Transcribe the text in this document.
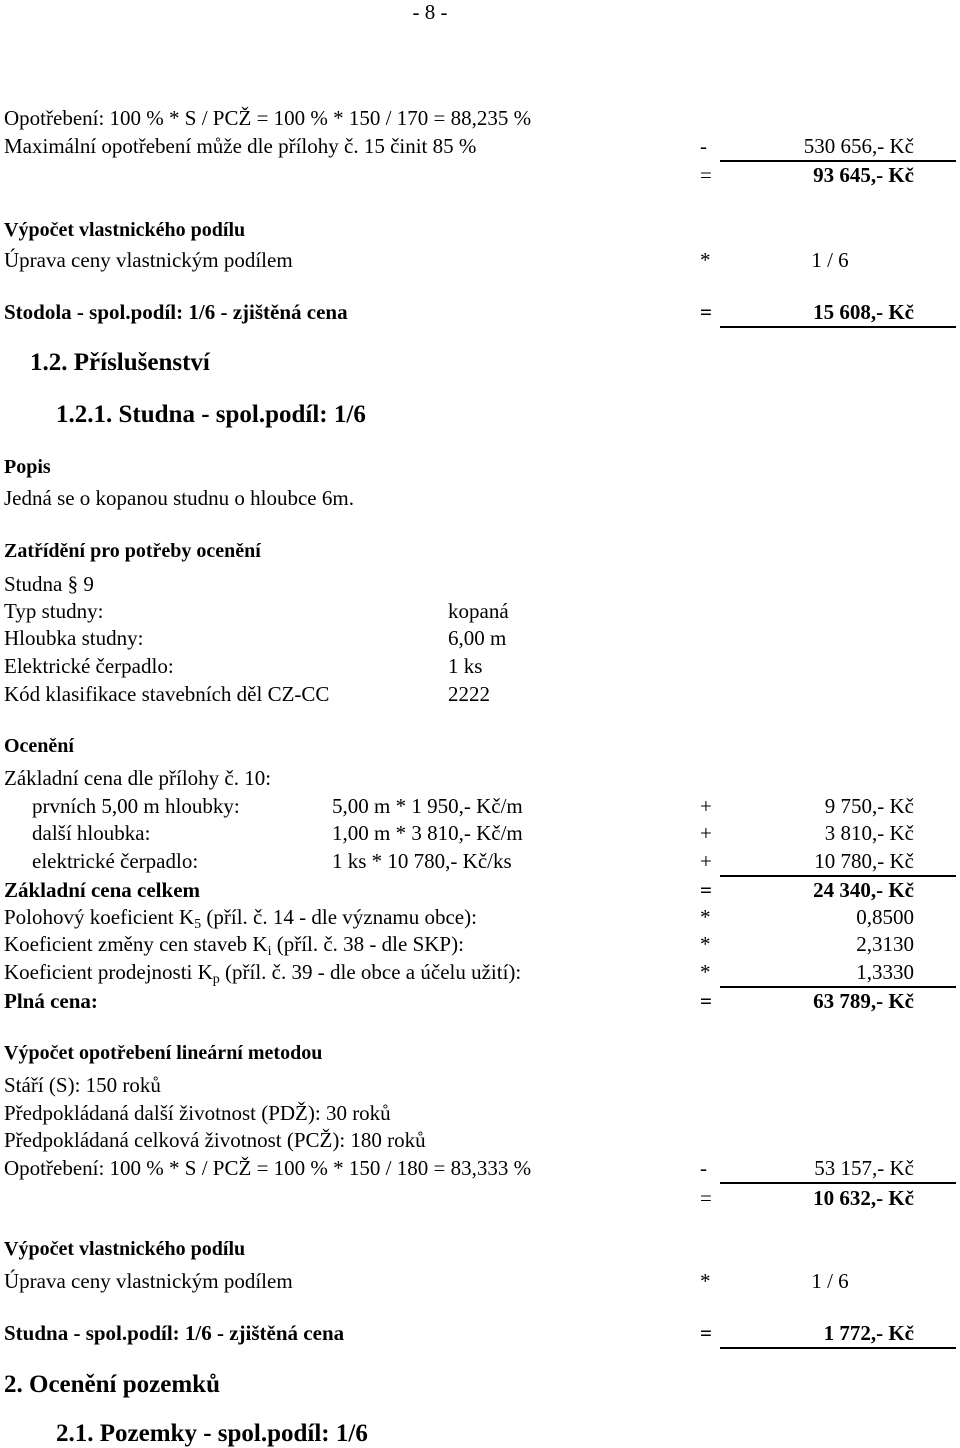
- 8 -
Opotřebení: 100 % * S / PCŽ = 100 % * 150 / 170 = 88,235 %
Maximální opotřebení může dle přílohy č. 15 činit 85 %	-	530 656,- Kč
=	93 645,- Kč
Výpočet vlastnického podílu
Úprava ceny vlastnickým podílem	*	1 / 6
Stodola - spol.podíl: 1/6 - zjištěná cena	=	15 608,- Kč
1.2. Příslušenství
1.2.1. Studna - spol.podíl: 1/6
Popis
Jedná se o kopanou studnu o hloubce 6m.
Zatřídění pro potřeby ocenění
Studna § 9
Typ studny:	kopaná
Hloubka studny:	6,00 m
Elektrické čerpadlo:	1 ks
Kód klasifikace stavebních děl CZ-CC	2222
Ocenění
Základní cena dle přílohy č. 10:
prvních 5,00 m hloubky:	5,00 m * 1 950,- Kč/m	+	9 750,- Kč
další hloubka:	1,00 m * 3 810,- Kč/m	+	3 810,- Kč
elektrické čerpadlo:	1 ks * 10 780,- Kč/ks	+	10 780,- Kč
Základní cena celkem	=	24 340,- Kč
Polohový koeficient $K_5$ (příl. č. 14 - dle významu obce):	*	0,8500
Koeficient změny cen staveb $K_i$ (příl. č. 38 - dle SKP):	*	2,3130
Koeficient prodejnosti $K_p$ (příl. č. 39 - dle obce a účelu užití):	*	1,3330
Plná cena:	=	63 789,- Kč
Výpočet opotřebení lineární metodou
Stáří (S): 150 roků
Předpokládaná další životnost (PDŽ): 30 roků
Předpokládaná celková životnost (PCŽ): 180 roků
Opotřebení: 100 % * S / PCŽ = 100 % * 150 / 180 = 83,333 %	-	53 157,- Kč
=	10 632,- Kč
Výpočet vlastnického podílu
Úprava ceny vlastnickým podílem	*	1 / 6
Studna - spol.podíl: 1/6 - zjištěná cena	=	1 772,- Kč
2. Ocenění pozemků
2.1. Pozemky - spol.podíl: 1/6
